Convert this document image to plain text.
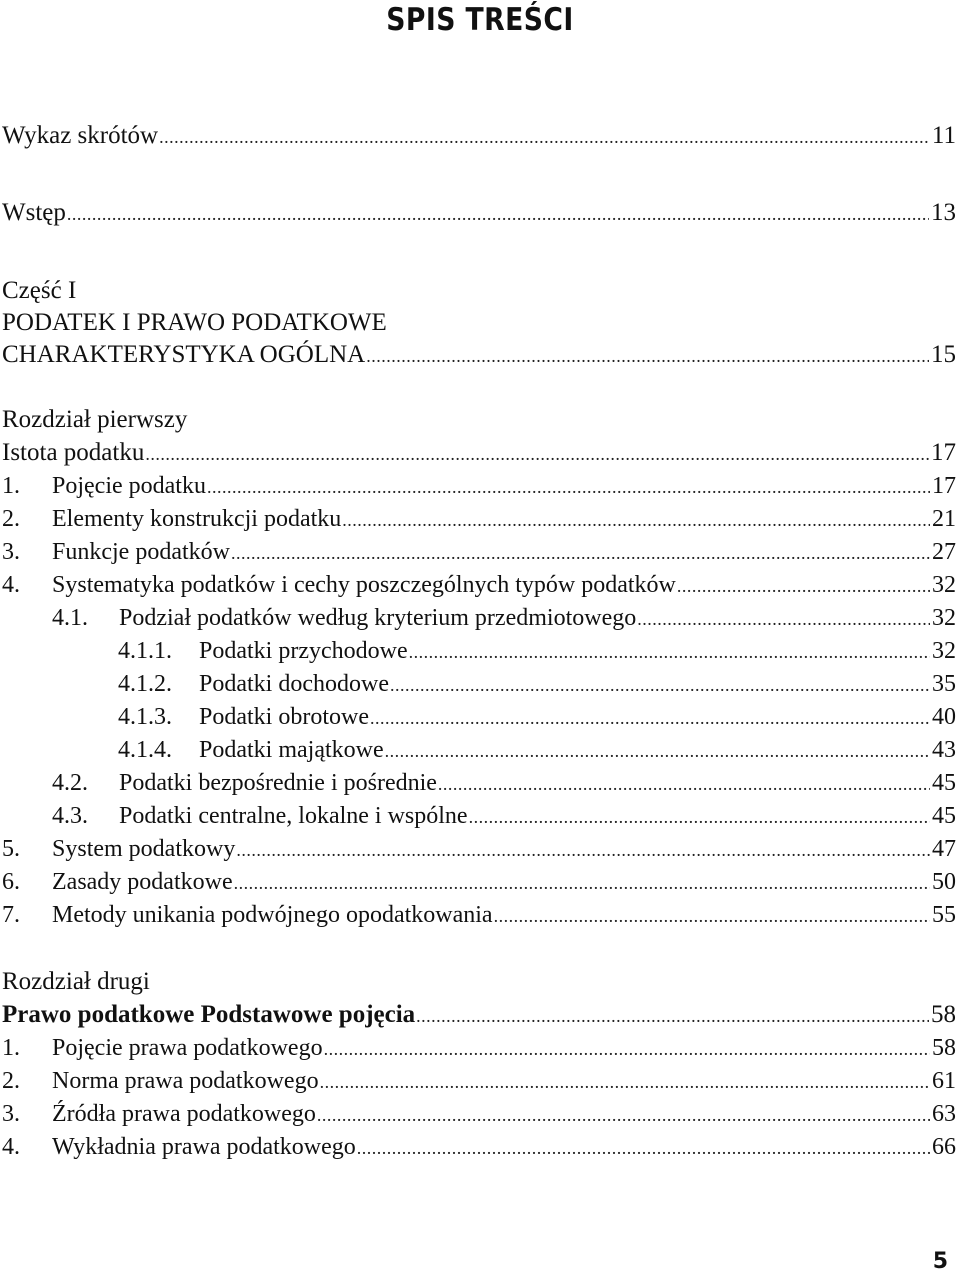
SPIS TREŚCI
Wykaz skrótów .....	11
Wstęp .....	13
Część I
PODATEK I PRAWO PODATKOWE
CHARAKTERYSTYKA OGÓLNA .....	15
Rozdział pierwszy
Istota podatku .....	17
1.	Pojęcie podatku .....	17
2.	Elementy konstrukcji podatku .....	21
3.	Funkcje podatków .....	27
4.	Systematyka podatków i cechy poszczególnych typów podatków .....	32
4.1.	Podział podatków według kryterium przedmiotowego .....	32
4.1.1.	Podatki przychodowe .....	32
4.1.2.	Podatki dochodowe .....	35
4.1.3.	Podatki obrotowe .....	40
4.1.4.	Podatki majątkowe .....	43
4.2.	Podatki bezpośrednie i pośrednie .....	45
4.3.	Podatki centralne, lokalne i wspólne .....	45
5.	System podatkowy .....	47
6.	Zasady podatkowe .....	50
7.	Metody unikania podwójnego opodatkowania .....	55
Rozdział drugi
Prawo podatkowe Podstawowe pojęcia .....	58
1.	Pojęcie prawa podatkowego .....	58
2.	Norma prawa podatkowego .....	61
3.	Źródła prawa podatkowego .....	63
4.	Wykładnia prawa podatkowego .....	66
5
